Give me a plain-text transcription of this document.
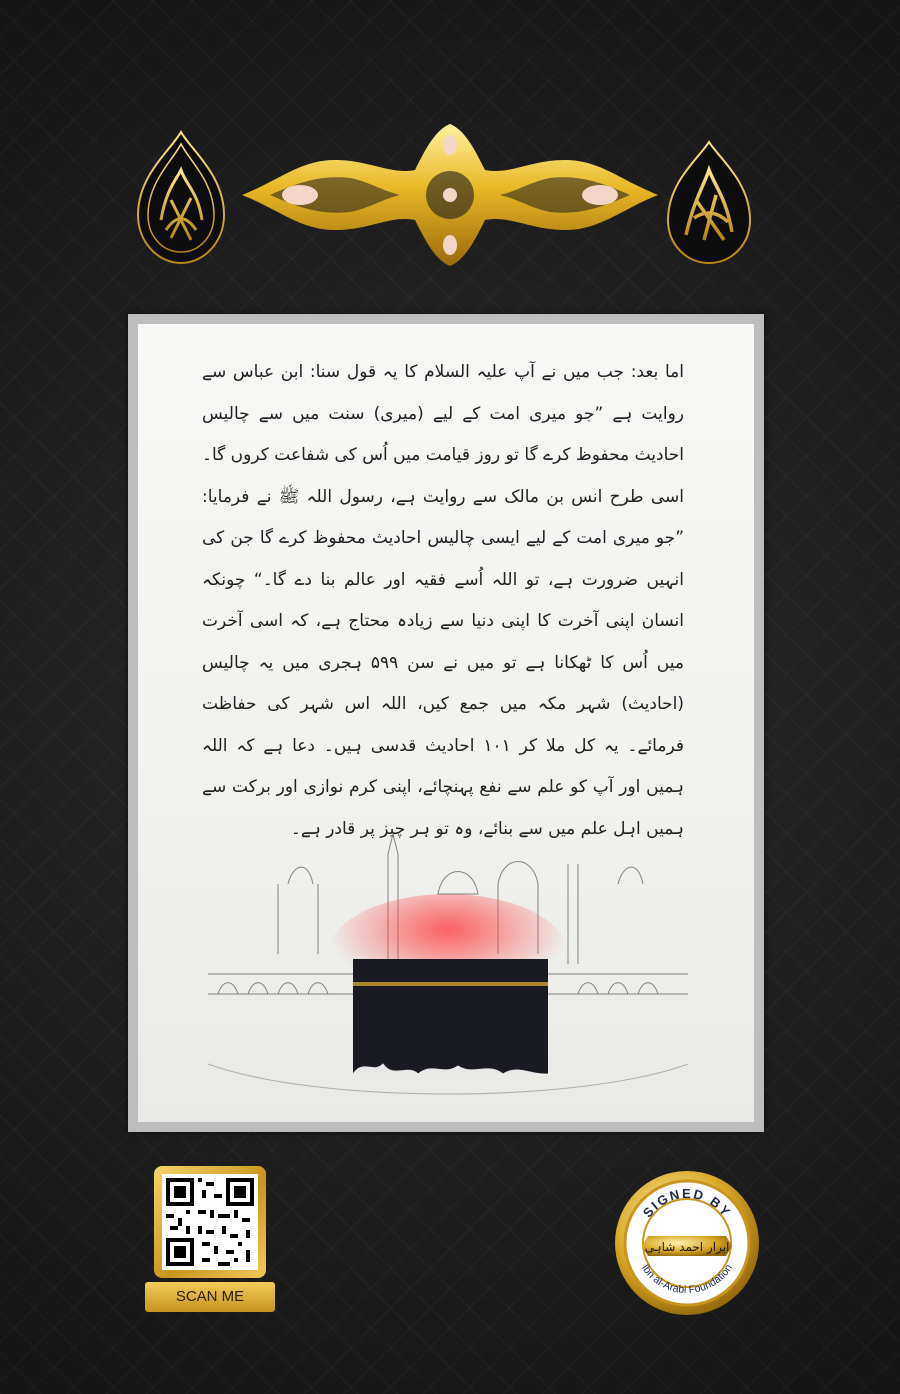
اما بعد: جب میں نے آپ علیہ السلام کا یہ قول سنا: ابن عباس سے روایت ہے ”جو میری امت کے لیے (میری) سنت میں سے چالیس احادیث محفوظ کرے گا تو روز قیامت میں اُس کی شفاعت کروں گا۔ اسی طرح انس بن مالک سے روایت ہے، رسول اللہ ﷺ نے فرمایا: ”جو میری امت کے لیے ایسی چالیس احادیث محفوظ کرے گا جن کی انہیں ضرورت ہے، تو اللہ اُسے فقیہ اور عالم بنا دے گا۔“ چونکہ انسان اپنی آخرت کا اپنی دنیا سے زیادہ محتاج ہے، کہ اسی آخرت میں اُس کا ٹھکانا ہے تو میں نے سن ۵۹۹ ہجری میں یہ چالیس (احادیث) شہر مکہ میں جمع کیں، اللہ اس شہر کی حفاظت فرمائے۔ یہ کل ملا کر ۱۰۱ احادیث قدسی ہیں۔ دعا ہے کہ اللہ ہمیں اور آپ کو علم سے نفع پہنچائے، اپنی کرم نوازی اور برکت سے ہمیں اہل علم میں سے بنائے، وہ تو ہر چیز پر قادر ہے۔
SCAN ME
SIGNED BY
Ibn al-Arabi Foundation
ابرار احمد شاہی
